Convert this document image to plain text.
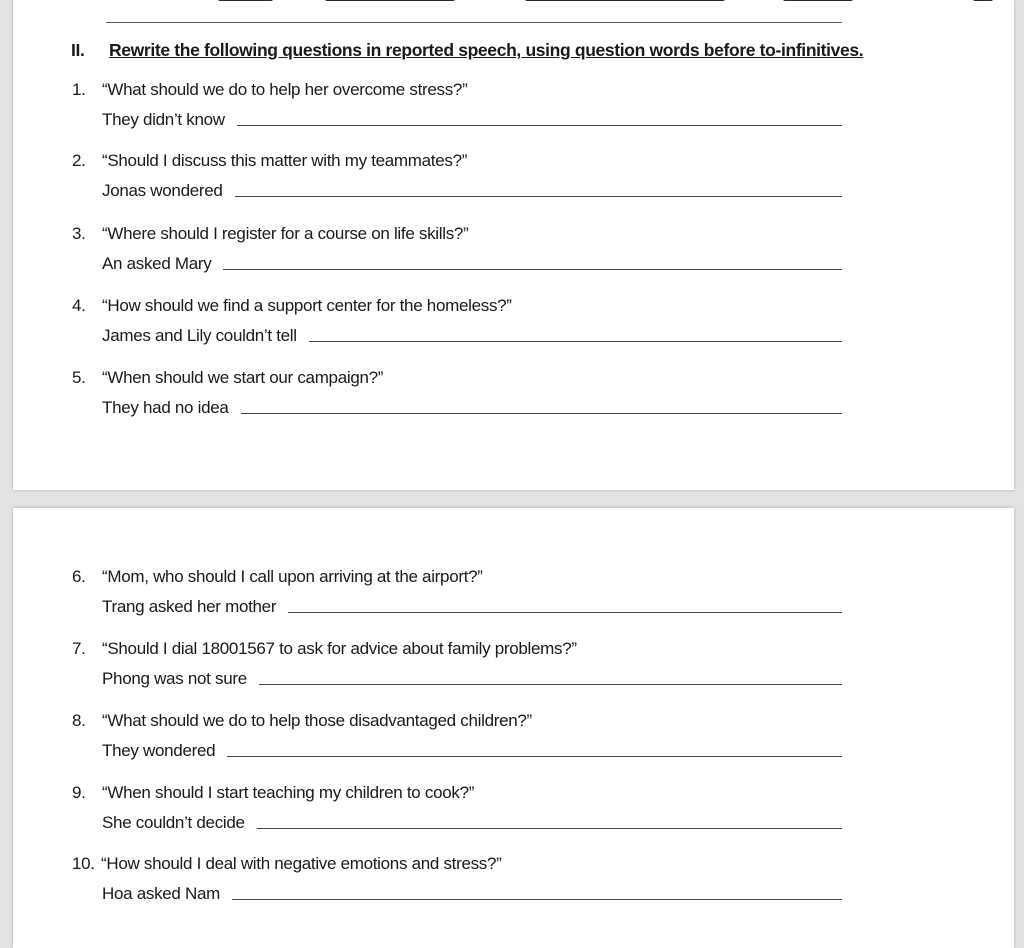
II. Rewrite the following questions in reported speech, using question words before to-infinitives.
1. “What should we do to help her overcome stress?”
They didn’t know
2. “Should I discuss this matter with my teammates?”
Jonas wondered
3. “Where should I register for a course on life skills?”
An asked Mary
4. “How should we find a support center for the homeless?”
James and Lily couldn’t tell
5. “When should we start our campaign?”
They had no idea
6. “Mom, who should I call upon arriving at the airport?”
Trang asked her mother
7. “Should I dial 18001567 to ask for advice about family problems?”
Phong was not sure
8. “What should we do to help those disadvantaged children?”
They wondered
9. “When should I start teaching my children to cook?”
She couldn’t decide
10. “How should I deal with negative emotions and stress?”
Hoa asked Nam
